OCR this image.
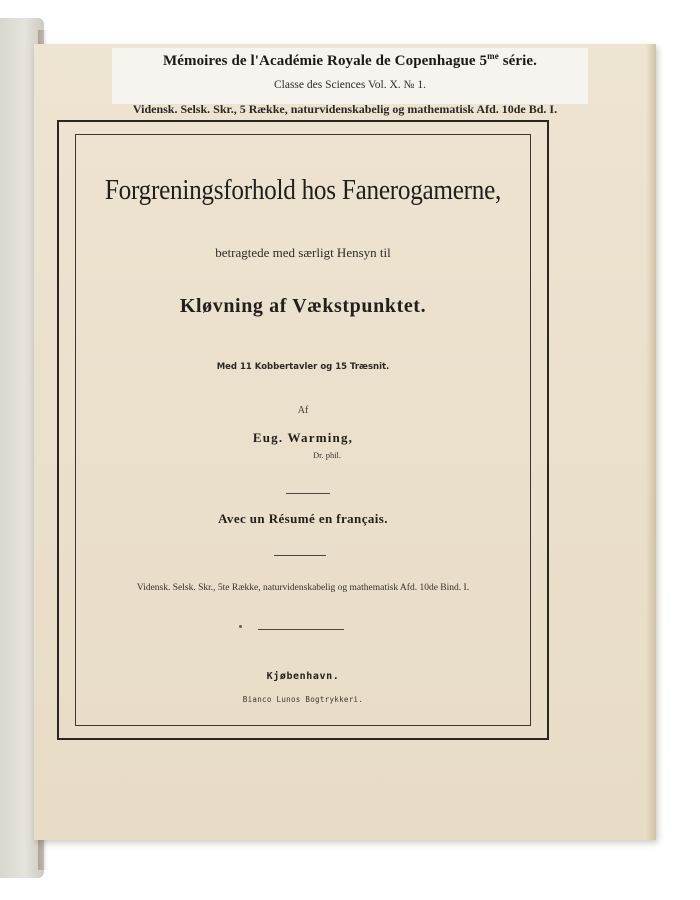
Mémoires de l'Académie Royale de Copenhague $5^{me}$ série.
Classe des Sciences Vol. X. № 1.
Vidensk. Selsk. Skr., 5 Række, naturvidenskabelig og mathematisk Afd. 10de Bd. I.
Forgreningsforhold hos Fanerogamerne,
betragtede med særligt Hensyn til
Kløvning af Vækstpunktet.
Med 11 Kobbertavler og 15 Træsnit.
Af
Eug. Warming,
Dr. phil.
Avec un Résumé en français.
Vidensk. Selsk. Skr., 5te Række, naturvidenskabelig og mathematisk Afd. 10de Bind. I.
Kjøbenhavn.
Bianco Lunos Bogtrykkeri.
